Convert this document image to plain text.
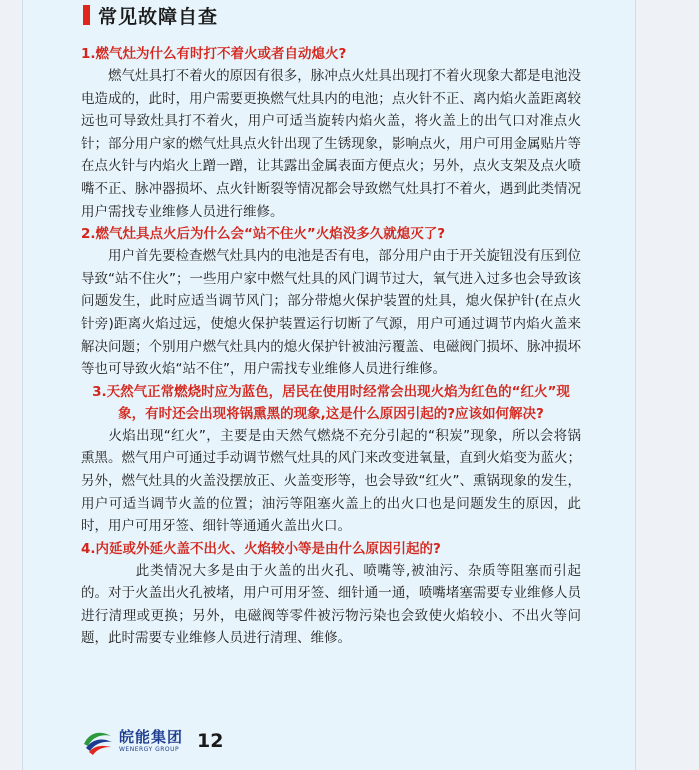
常见故障自查
1.燃气灶为什么有时打不着火或者自动熄火?
燃气灶具打不着火的原因有很多，脉冲点火灶具出现打不着火现象大都是电池没电造成的，此时，用户需要更换燃气灶具内的电池；点火针不正、离内焰火盖距离较远也可导致灶具打不着火，用户可适当旋转内焰火盖，将火盖上的出气口对准点火针；部分用户家的燃气灶具点火针出现了生锈现象，影响点火，用户可用金属贴片等在点火针与内焰火上蹭一蹭，让其露出金属表面方便点火；另外，点火支架及点火喷嘴不正、脉冲器损坏、点火针断裂等情况都会导致燃气灶具打不着火，遇到此类情况用户需找专业维修人员进行维修。
2.燃气灶具点火后为什么会“站不住火”火焰没多久就熄灭了?
用户首先要检查燃气灶具内的电池是否有电，部分用户由于开关旋钮没有压到位导致“站不住火”；一些用户家中燃气灶具的风门调节过大，氧气进入过多也会导致该问题发生，此时应适当调节风门；部分带熄火保护装置的灶具，熄火保护针(在点火针旁)距离火焰过远，使熄火保护装置运行切断了气源，用户可通过调节内焰火盖来解决问题；个别用户燃气灶具内的熄火保护针被油污覆盖、电磁阀门损坏、脉冲损坏等也可导致火焰“站不住”，用户需找专业维修人员进行维修。
3.天然气正常燃烧时应为蓝色，居民在使用时经常会出现火焰为红色的“红火”现象，有时还会出现将锅熏黑的现象,这是什么原因引起的?应该如何解决?
火焰出现“红火”，主要是由天然气燃烧不充分引起的“积炭”现象，所以会将锅熏黑。燃气用户可通过手动调节燃气灶具的风门来改变进氧量，直到火焰变为蓝火；另外，燃气灶具的火盖没摆放正、火盖变形等，也会导致“红火”、熏锅现象的发生，用户可适当调节火盖的位置；油污等阻塞火盖上的出火口也是问题发生的原因，此时，用户可用牙签、细针等通通火盖出火口。
4.内延或外延火盖不出火、火焰较小等是由什么原因引起的?
此类情况大多是由于火盖的出火孔、喷嘴等,被油污、杂质等阻塞而引起的。对于火盖出火孔被堵，用户可用牙签、细针通一通，喷嘴堵塞需要专业维修人员进行清理或更换；另外，电磁阀等零件被污物污染也会致使火焰较小、不出火等问题，此时需要专业维修人员进行清理、维修。
皖能集团
WENERGY GROUP 12
